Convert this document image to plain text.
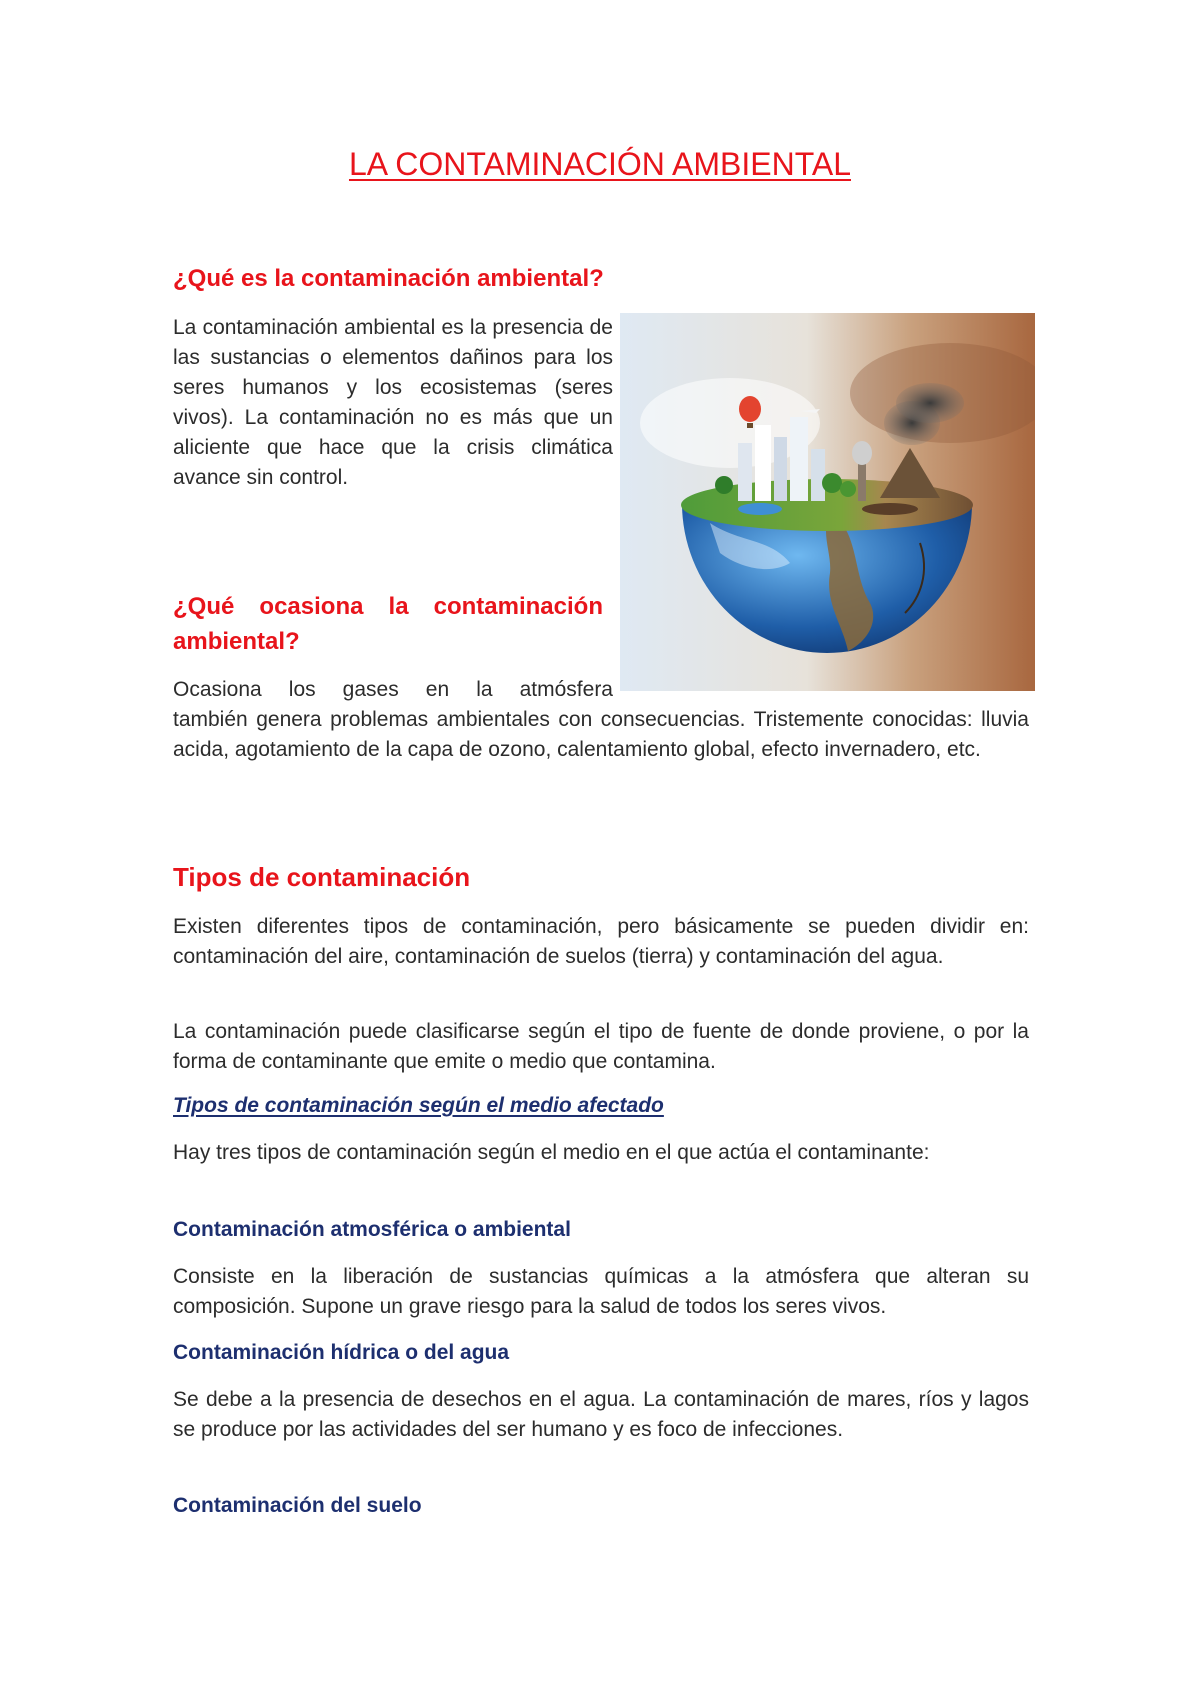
LA CONTAMINACIÓN AMBIENTAL
¿Qué es la contaminación ambiental?

La contaminación ambiental es la presencia de las sustancias o elementos dañinos para los seres humanos y los ecosistemas (seres vivos). La contaminación no es más que un aliciente que hace que la crisis climática avance sin control.

¿Qué ocasiona la contaminación ambiental?

Ocasiona los gases en la atmósfera

también genera problemas ambientales con consecuencias. Tristemente conocidas: lluvia acida, agotamiento de la capa de ozono, calentamiento global, efecto invernadero, etc.

Tipos de contaminación

Existen diferentes tipos de contaminación, pero básicamente se pueden dividir en: contaminación del aire, contaminación de suelos (tierra) y contaminación del agua.

La contaminación puede clasificarse según el tipo de fuente de donde proviene, o por la forma de contaminante que emite o medio que contamina.

Tipos de contaminación según el medio afectado

Hay tres tipos de contaminación según el medio en el que actúa el contaminante:

Contaminación atmosférica o ambiental

Consiste en la liberación de sustancias químicas a la atmósfera que alteran su composición. Supone un grave riesgo para la salud de todos los seres vivos.

Contaminación hídrica o del agua

Se debe a la presencia de desechos en el agua. La contaminación de mares, ríos y lagos se produce por las actividades del ser humano y es foco de infecciones.

Contaminación del suelo
